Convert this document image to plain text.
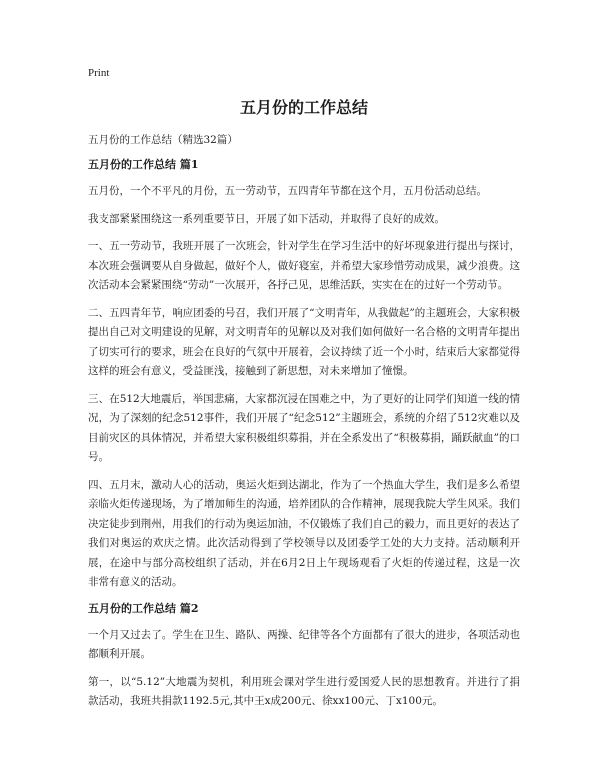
Print
五月份的工作总结
五月份的工作总结（精选32篇）
五月份的工作总结 篇1

五月份，一个不平凡的月份，五一劳动节，五四青年节都在这个月，五月份活动总结。

我支部紧紧围绕这一系列重要节日，开展了如下活动，并取得了良好的成效。

一、五一劳动节，我班开展了一次班会，针对学生在学习生活中的好坏现象进行提出与探讨，本次班会强调要从自身做起，做好个人，做好寝室，并希望大家珍惜劳动成果，减少浪费。这次活动本会紧紧围绕“劳动”一次展开，各抒己见，思维活跃，实实在在的过好一个劳动节。

二、五四青年节，响应团委的号召，我们开展了“文明青年，从我做起”的主题班会，大家积极提出自己对文明建设的见解，对文明青年的见解以及对我们如何做好一名合格的文明青年提出了切实可行的要求，班会在良好的气氛中开展着，会议持续了近一个小时，结束后大家都觉得这样的班会有意义，受益匪浅，接触到了新思想，对未来增加了憧憬。

三、在512大地震后，举国悲痛，大家都沉浸在国难之中，为了更好的让同学们知道一线的情况，为了深刻的纪念512事件，我们开展了“纪念512”主题班会，系统的介绍了512灾难以及目前灾区的具体情况，并希望大家积极组织募捐，并在全系发出了“积极募捐，踊跃献血”的口号。

四、五月末，激动人心的活动，奥运火炬到达湖北，作为了一个热血大学生，我们是多么希望亲临火炬传递现场，为了增加师生的沟通，培养团队的合作精神，展现我院大学生风采。我们决定徒步到荆州，用我们的行动为奥运加油，不仅锻炼了我们自己的毅力，而且更好的表达了我们对奥运的欢庆之情。此次活动得到了学校领导以及团委学工处的大力支持。活动顺利开展，在途中与部分高校组织了活动，并在6月2日上午现场观看了火炬的传递过程，这是一次非常有意义的活动。

五月份的工作总结 篇2

一个月又过去了。学生在卫生、路队、两操、纪律等各个方面都有了很大的进步，各项活动也都顺利开展。

第一，以“5.12”大地震为契机，利用班会课对学生进行爱国爱人民的思想教育。并进行了捐款活动，我班共捐款1192.5元,其中王x成200元、徐xx100元、丁x100元。
